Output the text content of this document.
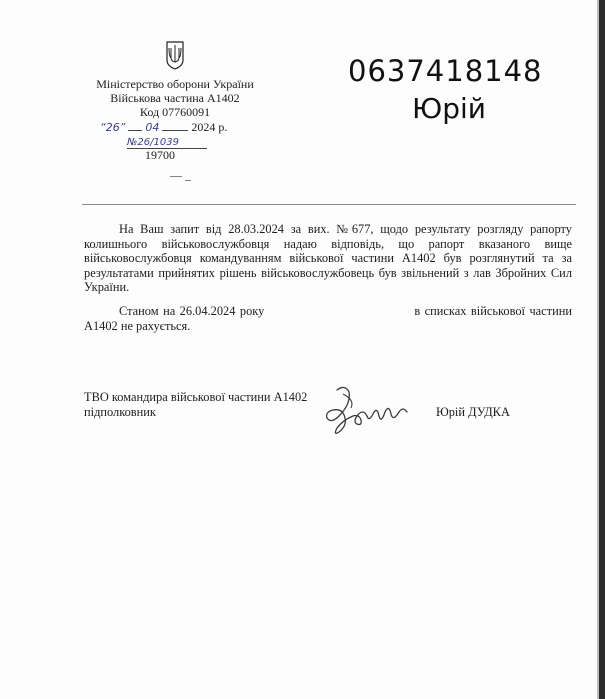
Міністерство оборони України
Військова частина А1402
Код 07760091
“26” 04	2024 р.
№26/1039
19700
— _
0637418148
Юрій
На Ваш запит від 28.03.2024 за вих. №677, щодо результату розгляду рапорту колишнього військовослужбовця надаю відповідь, що рапорт вказаного вище військовослужбовця командуванням військової частини А1402 був розглянутий та за результатами прийнятих рішень військовослужбовець був звільнений з лав Збройних Сил України.
Станом на 26.04.2024 року	в списках військової частини А1402 не рахується.
ТВО командира військової частини А1402
підполковник	Юрій ДУДКА
